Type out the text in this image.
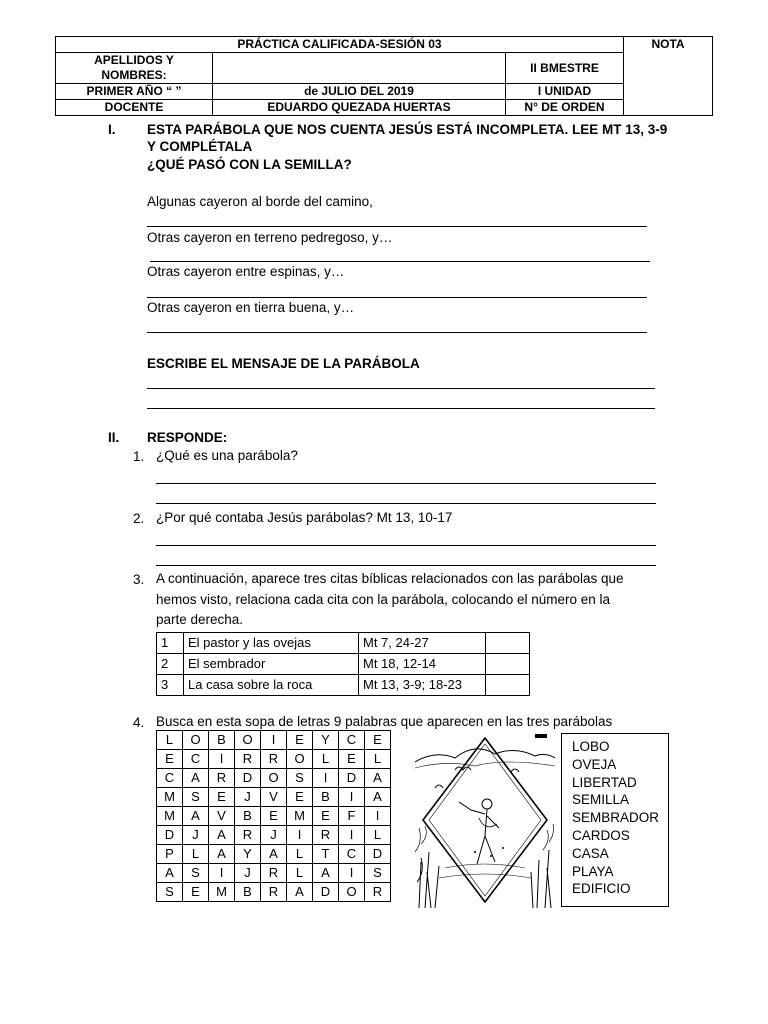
PRÁCTICA CALIFICADA-SESIÓN 03			NOTA
APELLIDOS Y NOMBRES:		II BMESTRE	
PRIMER AÑO “ ”	de JULIO DEL 2019	I UNIDAD	
DOCENTE	EDUARDO QUEZADA HUERTAS	N° DE ORDEN	
I. ESTA PARÁBOLA QUE NOS CUENTA JESÚS ESTÁ INCOMPLETA. LEE MT 13, 3-9
Y COMPLÉTALA
¿QUÉ PASÓ CON LA SEMILLA?
Algunas cayeron al borde del camino,
Otras cayeron en terreno pedregoso, y…
Otras cayeron entre espinas, y…
Otras cayeron en tierra buena, y…
ESCRIBE EL MENSAJE DE LA PARÁBOLA
II. RESPONDE:
1. ¿Qué es una parábola?
2. ¿Por qué contaba Jesús parábolas? Mt 13, 10-17
3. A continuación, aparece tres citas bíblicas relacionados con las parábolas que
hemos visto, relaciona cada cita con la parábola, colocando el número en la
parte derecha.
1	El pastor y las ovejas	Mt 7, 24-27	
2	El sembrador	Mt 18, 12-14	
3	La casa sobre la roca	Mt 13, 3-9; 18-23	
4. Busca en esta sopa de letras 9 palabras que aparecen en las tres parábolas
L	O	B	O	I	E	Y	C	E
E	C	I	R	R	O	L	E	L
C	A	R	D	O	S	I	D	A
M	S	E	J	V	E	B	I	A
M	A	V	B	E	M	E	F	I
D	J	A	R	J	I	R	I	L
P	L	A	Y	A	L	T	C	D
A	S	I	J	R	L	A	I	S
S	E	M	B	R	A	D	O	R
LOBO
OVEJA
LIBERTAD
SEMILLA
SEMBRADOR
CARDOS
CASA
PLAYA
EDIFICIO
